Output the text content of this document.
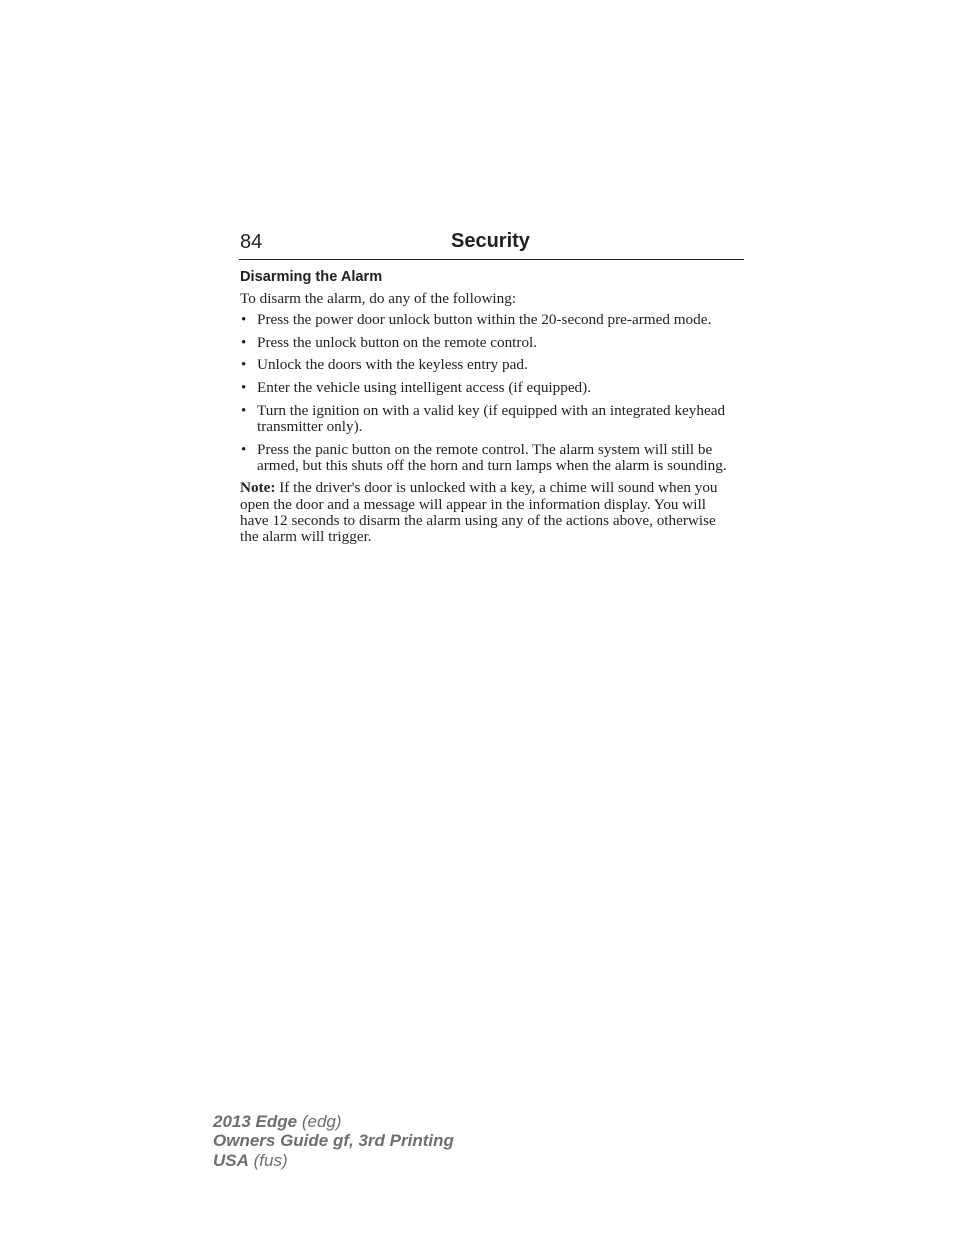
84	Security
Disarming the Alarm

To disarm the alarm, do any of the following:

• Press the power door unlock button within the 20-second pre-armed mode.
• Press the unlock button on the remote control.
• Unlock the doors with the keyless entry pad.
• Enter the vehicle using intelligent access (if equipped).
• Turn the ignition on with a valid key (if equipped with an integrated keyhead transmitter only).
• Press the panic button on the remote control. The alarm system will still be armed, but this shuts off the horn and turn lamps when the alarm is sounding.

Note: If the driver's door is unlocked with a key, a chime will sound when you open the door and a message will appear in the information display. You will have 12 seconds to disarm the alarm using any of the actions above, otherwise the alarm will trigger.

2013 Edge (edg)
Owners Guide gf, 3rd Printing
USA (fus)
